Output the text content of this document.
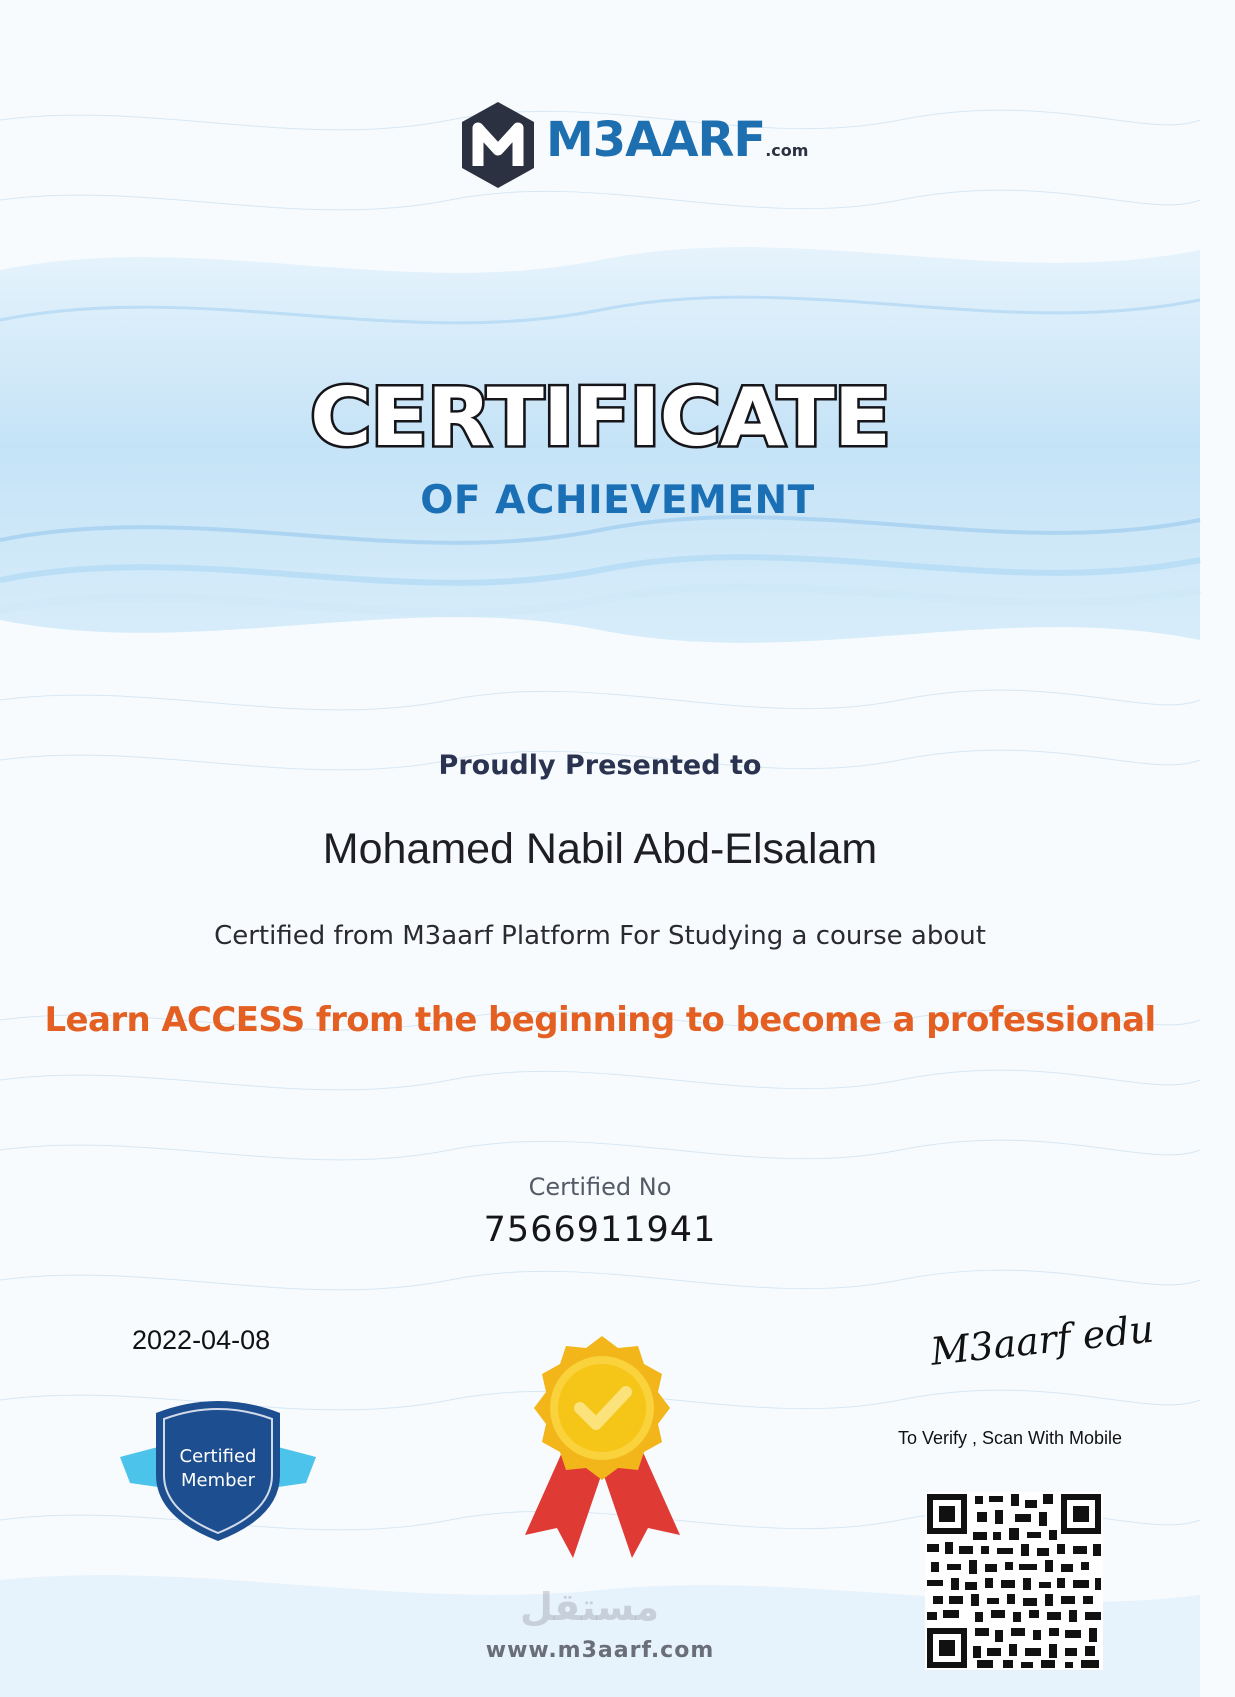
M3AARF.com
CERTIFICATE
OF ACHIEVEMENT
Proudly Presented to
Mohamed Nabil Abd-Elsalam
Certified from M3aarf Platform For Studying a course about
Learn ACCESS from the beginning to become a professional
Certified No
7566911941
2022-04-08
Certified
Member
M3aarf edu
To Verify , Scan With Mobile
مستقل
www.m3aarf.com
